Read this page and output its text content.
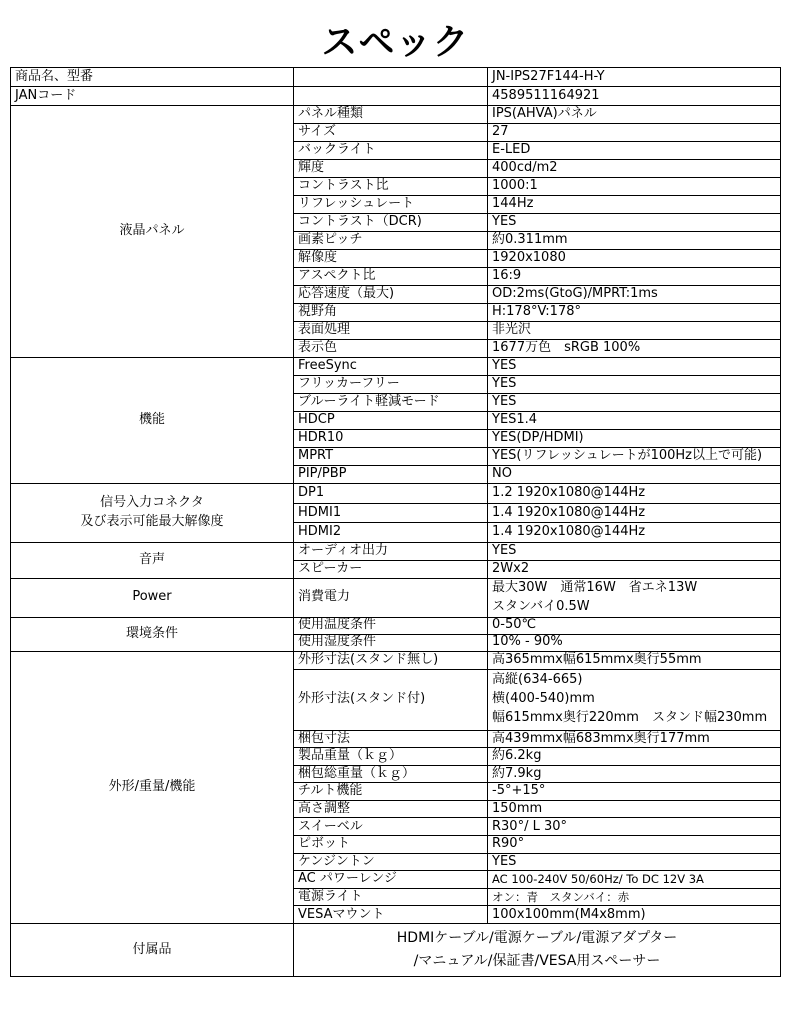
スペック
商品名、型番		JN-IPS27F144-H-Y
JANコード		4589511164921
液晶パネル	パネル種類	IPS(AHVA)パネル
	サイズ	27
	バックライト	E-LED
	輝度	400cd/m2
	コントラスト比	1000:1
	リフレッシュレート	144Hz
	コントラスト（DCR)	YES
	画素ピッチ	約0.311mm
	解像度	1920x1080
	アスペクト比	16:9
	応答速度（最大)	OD:2ms(GtoG)/MPRT:1ms
	視野角	H:178°V:178°
	表面処理	非光沢
	表示色	1677万色　sRGB 100%
機能	FreeSync	YES
	フリッカーフリー	YES
	ブルーライト軽減モード	YES
	HDCP	YES1.4
	HDR10	YES(DP/HDMI)
	MPRT	YES(リフレッシュレートが100Hz以上で可能)
	PIP/PBP	NO

信号入力コネクタ
及び表示可能最大解像度	DP1	1.2 1920x1080@144Hz
	HDMI1	1.4 1920x1080@144Hz
	HDMI2	1.4 1920x1080@144Hz
音声	オーディオ出力	YES
	スピーカー	2Wx2
Power	消費電力	最大30W　通常16W　省エネ13W
スタンバイ0.5W

環境条件	使用温度条件	0-50℃
	使用湿度条件	10% - 90%
外形/重量/機能	外形寸法(スタンド無し)	高365mmx幅615mmx奥行55mm
	外形寸法(スタンド付)	高縦(634-665)
横(400-540)mm
幅615mmx奥行220mm　スタンド幅230mm

	梱包寸法	高439mmx幅683mmx奥行177mm
	製品重量（ｋｇ）	約6.2kg
	梱包総重量（ｋｇ）	約7.9kg
	チルト機能	-5°+15°
	高さ調整	150mm
	スイーベル	R30°/ L 30°
	ピボット	R90°
	ケンジントン	YES
	AC パワーレンジ	AC 100-240V 50/60Hz/ To DC 12V 3A
	電源ライト	オン：青　スタンバイ：赤
	VESAマウント	100x100mm(M4x8mm)
付属品	HDMIケーブル/電源ケーブル/電源アダプター
/マニュアル/保証書/VESA用スペーサー	
